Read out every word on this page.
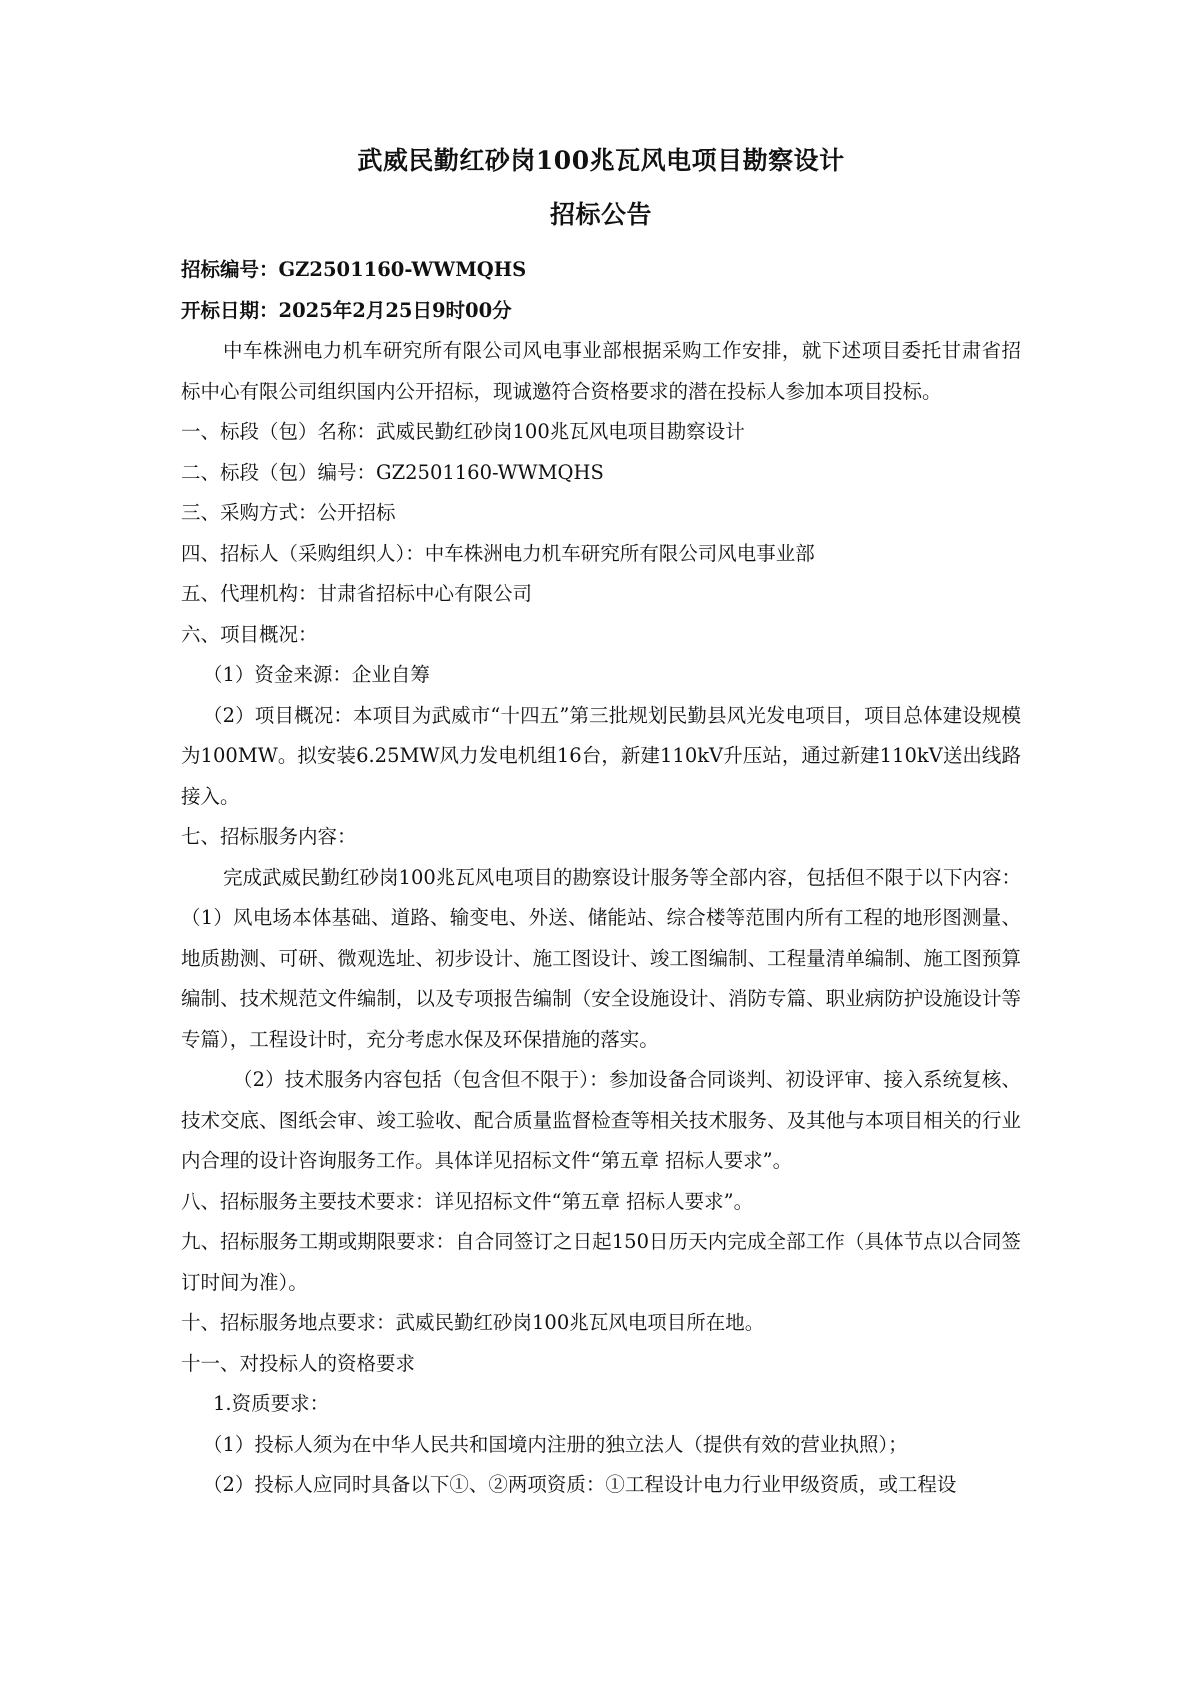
武威民勤红砂岗100兆瓦风电项目勘察设计

招标公告

招标编号：GZ2501160-WWMQHS

开标日期：2025年2月25日9时00分

中车株洲电力机车研究所有限公司风电事业部根据采购工作安排，就下述项目委托甘肃省招标中心有限公司组织国内公开招标，现诚邀符合资格要求的潜在投标人参加本项目投标。

一、标段（包）名称：武威民勤红砂岗100兆瓦风电项目勘察设计

二、标段（包）编号：GZ2501160-WWMQHS

三、采购方式：公开招标

四、招标人（采购组织人）：中车株洲电力机车研究所有限公司风电事业部

五、代理机构：甘肃省招标中心有限公司

六、项目概况：

（1）资金来源：企业自筹

（2）项目概况：本项目为武威市“十四五”第三批规划民勤县风光发电项目，项目总体建设规模为100MW。拟安装6.25MW风力发电机组16台，新建110kV升压站，通过新建110kV送出线路接入。

七、招标服务内容：

完成武威民勤红砂岗100兆瓦风电项目的勘察设计服务等全部内容，包括但不限于以下内容：（1）风电场本体基础、道路、输变电、外送、储能站、综合楼等范围内所有工程的地形图测量、地质勘测、可研、微观选址、初步设计、施工图设计、竣工图编制、工程量清单编制、施工图预算编制、技术规范文件编制，以及专项报告编制（安全设施设计、消防专篇、职业病防护设施设计等专篇），工程设计时，充分考虑水保及环保措施的落实。

（2）技术服务内容包括（包含但不限于）：参加设备合同谈判、初设评审、接入系统复核、技术交底、图纸会审、竣工验收、配合质量监督检查等相关技术服务、及其他与本项目相关的行业内合理的设计咨询服务工作。具体详见招标文件“第五章 招标人要求”。

八、招标服务主要技术要求：详见招标文件“第五章 招标人要求”。

九、招标服务工期或期限要求：自合同签订之日起150日历天内完成全部工作（具体节点以合同签订时间为准）。

十、招标服务地点要求：武威民勤红砂岗100兆瓦风电项目所在地。

十一、对投标人的资格要求

1.资质要求：

（1）投标人须为在中华人民共和国境内注册的独立法人（提供有效的营业执照）；

（2）投标人应同时具备以下①、②两项资质：①工程设计电力行业甲级资质，或工程设
